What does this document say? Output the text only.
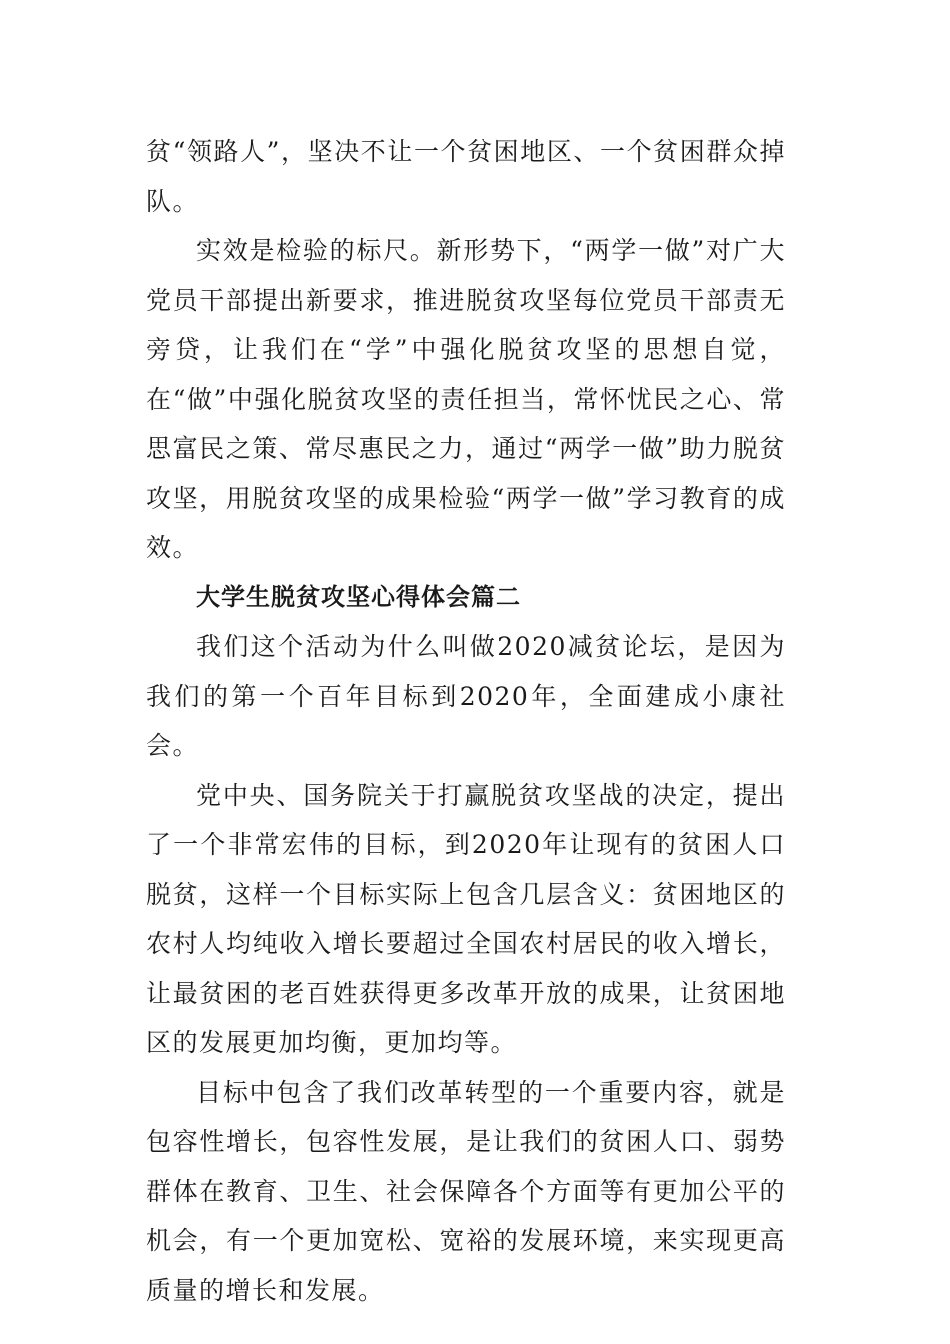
贫“领路人”，坚决不让一个贫困地区、一个贫困群众掉队。

实效是检验的标尺。新形势下，“两学一做”对广大党员干部提出新要求，推进脱贫攻坚每位党员干部责无旁贷，让我们在“学”中强化脱贫攻坚的思想自觉，在“做”中强化脱贫攻坚的责任担当，常怀忧民之心、常思富民之策、常尽惠民之力，通过“两学一做”助力脱贫攻坚，用脱贫攻坚的成果检验“两学一做”学习教育的成效。

大学生脱贫攻坚心得体会篇二

我们这个活动为什么叫做2020减贫论坛，是因为我们的第一个百年目标到2020年，全面建成小康社会。

党中央、国务院关于打赢脱贫攻坚战的决定，提出了一个非常宏伟的目标，到2020年让现有的贫困人口脱贫，这样一个目标实际上包含几层含义：贫困地区的农村人均纯收入增长要超过全国农村居民的收入增长，让最贫困的老百姓获得更多改革开放的成果，让贫困地区的发展更加均衡，更加均等。

目标中包含了我们改革转型的一个重要内容，就是包容性增长，包容性发展，是让我们的贫困人口、弱势群体在教育、卫生、社会保障各个方面等有更加公平的机会，有一个更加宽松、宽裕的发展环境，来实现更高质量的增长和发展。
